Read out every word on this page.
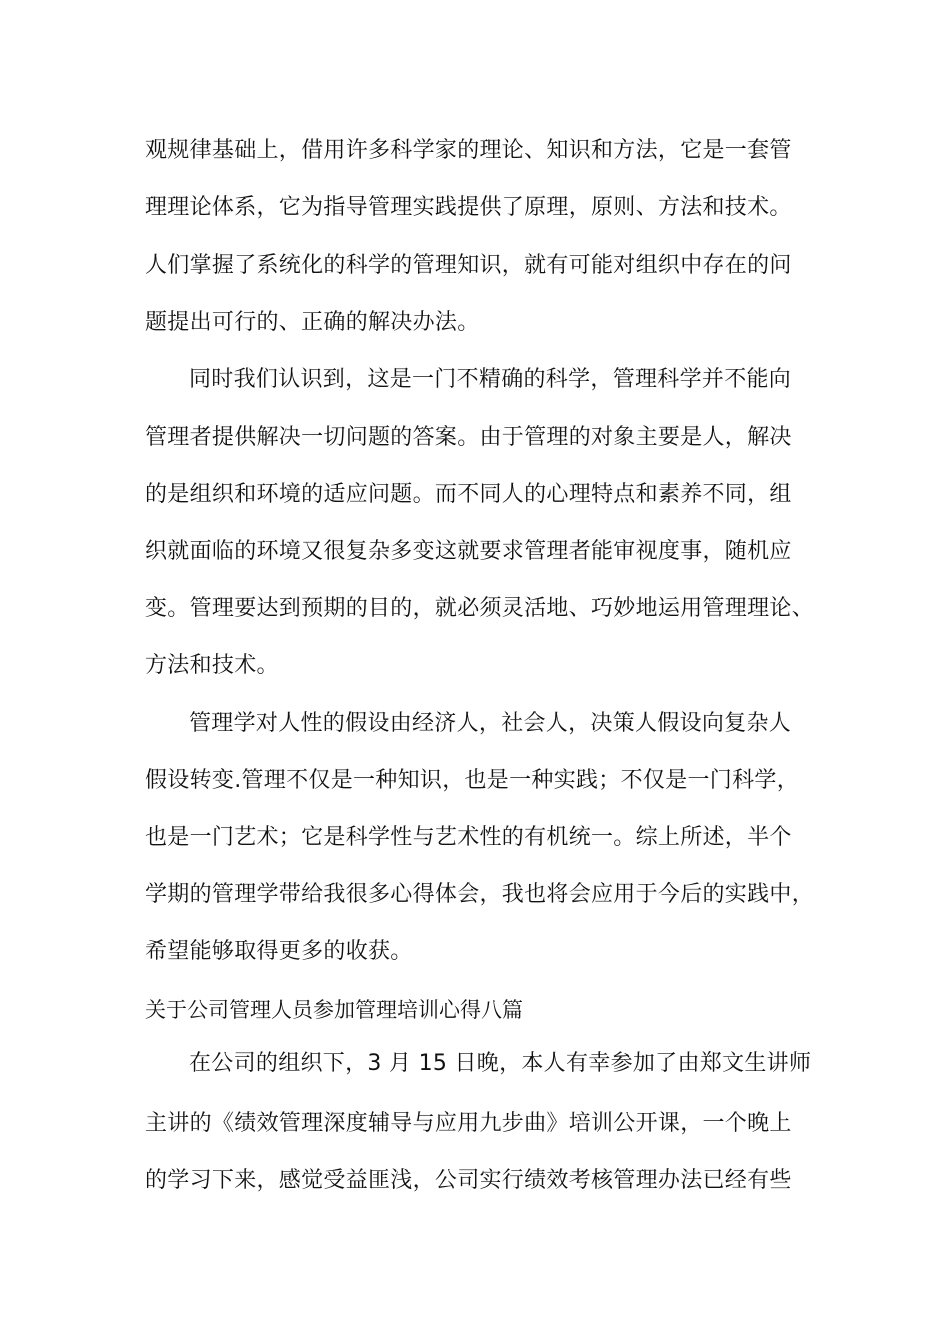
观规律基础上，借用许多科学家的理论、知识和方法，它是一套管
理理论体系，它为指导管理实践提供了原理，原则、方法和技术。
人们掌握了系统化的科学的管理知识，就有可能对组织中存在的问
题提出可行的、正确的解决办法。
同时我们认识到，这是一门不精确的科学，管理科学并不能向
管理者提供解决一切问题的答案。由于管理的对象主要是人，解决
的是组织和环境的适应问题。而不同人的心理特点和素养不同，组
织就面临的环境又很复杂多变这就要求管理者能审视度事，随机应
变。管理要达到预期的目的，就必须灵活地、巧妙地运用管理理论、
方法和技术。
管理学对人性的假设由经济人，社会人，决策人假设向复杂人
假设转变.管理不仅是一种知识，也是一种实践；不仅是一门科学，
也是一门艺术；它是科学性与艺术性的有机统一。综上所述，半个
学期的管理学带给我很多心得体会，我也将会应用于今后的实践中，
希望能够取得更多的收获。
关于公司管理人员参加管理培训心得八篇
在公司的组织下，3 月 15 日晚，本人有幸参加了由郑文生讲师
主讲的《绩效管理深度辅导与应用九步曲》培训公开课，一个晚上
的学习下来，感觉受益匪浅，公司实行绩效考核管理办法已经有些
